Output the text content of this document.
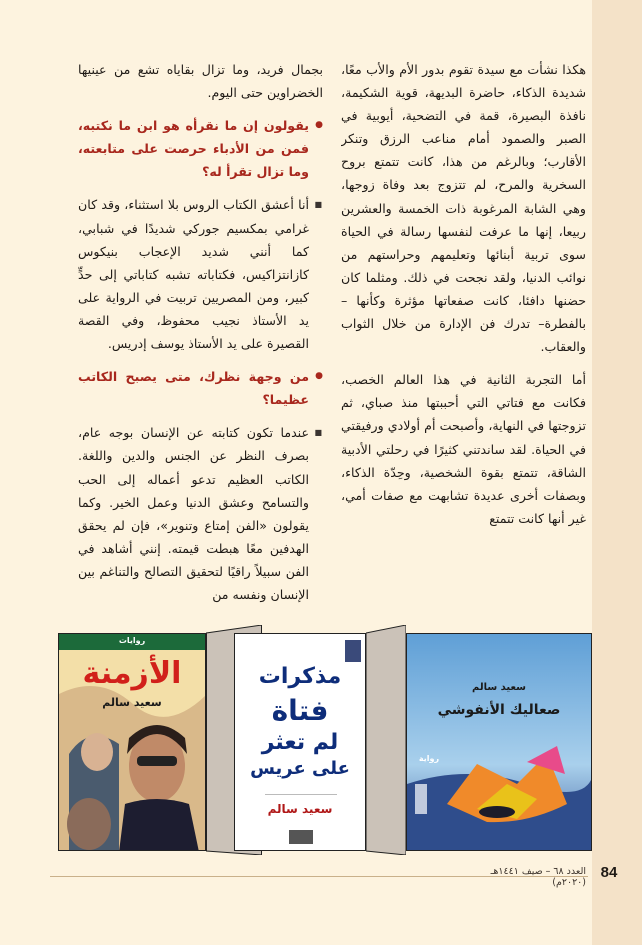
هكذا نشأت مع سيدة تقوم بدور الأم والأب معًا، شديدة الذكاء، حاضرة البديهة، قوية الشكيمة، نافذة البصيرة، قمة في التضحية، أيوبية في الصبر والصمود أمام مناعب الرزق وتنكر الأقارب؛ وبالرغم من هذا، كانت تتمتع بروح السخرية والمرح، لم تتزوج بعد وفاة زوجها، وهي الشابة المرغوبة ذات الخمسة والعشرين ربيعا، إنها ما عرفت لنفسها رسالة في الحياة سوى تربية أبنائها وتعليمهم وحراستهم من نوائب الدنيا، ولقد نجحت في ذلك. ومثلما كان حضنها دافئا، كانت صفعاتها مؤثرة وكأنها –بالفطرة– تدرك فن الإدارة من خلال الثواب والعقاب.

أما التجربة الثانية في هذا العالم الخصب، فكانت مع فتاتي التي أحببتها منذ صباي، ثم تزوجتها في النهاية، وأصبحت أم أولادي ورفيقتي في الحياة. لقد ساندتني كثيرًا في رحلتي الأدبية الشاقة، تتمتع بقوة الشخصية، وحِدّة الذكاء، وبصفات أخرى عديدة تشابهت مع صفات أمي، غير أنها كانت تتمتع

بجمال فريد، وما تزال بقاياه تشع من عينيها الخضراوين حتى اليوم.

● يقولون إن ما نقرأه هو ابن ما نكتبه، فمن من الأدباء حرصت على متابعته، وما تزال تقرأ له؟

■ أنا أعشق الكتاب الروس بلا استثناء، وقد كان غرامي بمكسيم جوركي شديدًا في شبابي، كما أنني شديد الإعجاب بنيكوس كازانتزاكيس، فكتاباته تشبه كتاباتي إلى حدٍّ كبير، ومن المصريين تربيت في الرواية على يد الأستاذ نجيب محفوظ، وفي القصة القصيرة على يد الأستاذ يوسف إدريس.

● من وجهة نظرك، متى يصبح الكاتب عظيما؟

■ عندما تكون كتابته عن الإنسان بوجه عام، بصرف النظر عن الجنس والدين واللغة. الكاتب العظيم تدعو أعماله إلى الحب والتسامح وعشق الدنيا وعمل الخير. وكما يقولون «الفن إمتاع وتنوير»، فإن لم يحقق الهدفين معًا هبطت قيمته. إنني أشاهد في الفن سبيلاً راقيًا لتحقيق التصالح والتناغم بين الإنسان ونفسه من

روايات
الأزمنة
سعيد سالم
مذكرات
فتاة
لم تعثر
على عريس
سعيد سالم
سعيد سالم
صعاليك الأنفوشي
رواية
العدد ٦٨ – صيف ١٤٤١هـ (٢٠٢٠م)
84
